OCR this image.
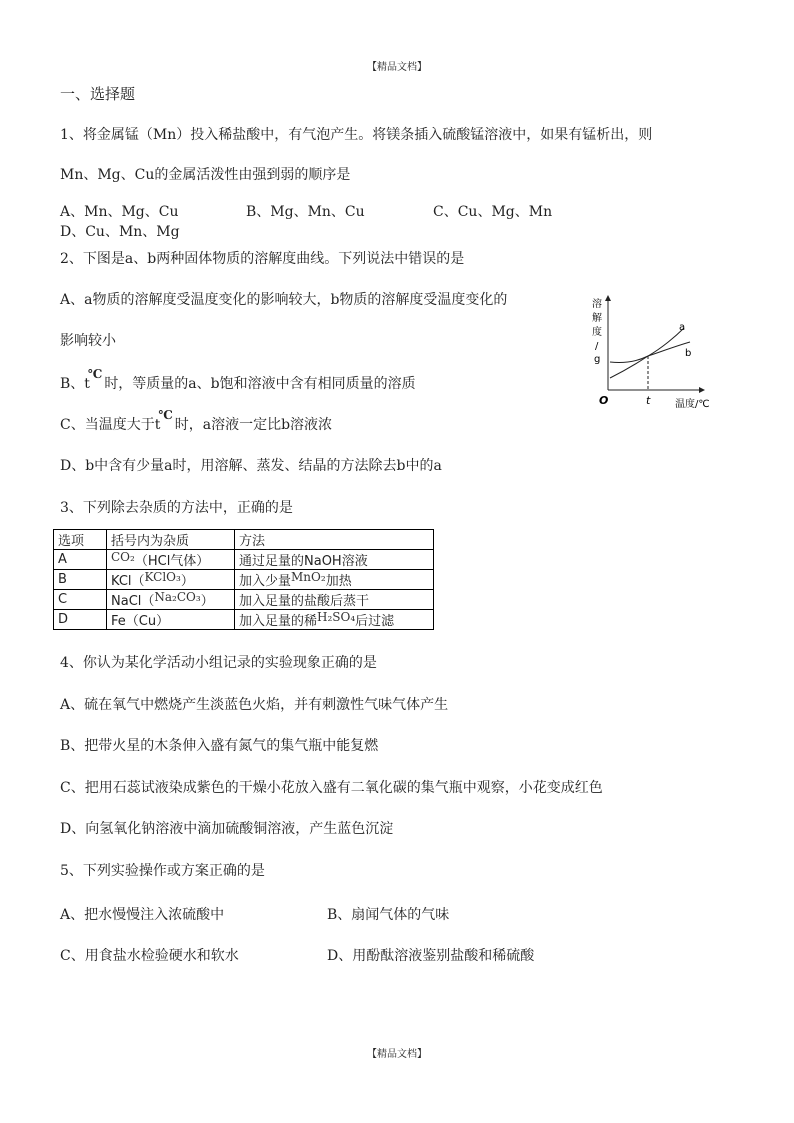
【精品文档】
一、选择题
1、将金属锰（Mn）投入稀盐酸中，有气泡产生。将镁条插入硫酸锰溶液中，如果有锰析出，则
Mn、Mg、Cu的金属活泼性由强到弱的顺序是
A、Mn、Mg、Cu	B、Mg、Mn、Cu	C、Cu、Mg、Mn
D、Cu、Mn、Mg
2、下图是a、b两种固体物质的溶解度曲线。下列说法中错误的是
A、a物质的溶解度受温度变化的影响较大，b物质的溶解度受温度变化的
影响较小
B、t℃时，等质量的a、b饱和溶液中含有相同质量的溶质
C、当温度大于t℃时，a溶液一定比b溶液浓
D、b中含有少量a时，用溶解、蒸发、结晶的方法除去b中的a
溶
解
度
/
g
O	t 温度/℃
a
b
3、下列除去杂质的方法中，正确的是
选项	括号内为杂质	方法
A	CO₂（HCl气体）	通过足量的NaOH溶液
B	KCl（KClO₃）	加入少量MnO₂加热
C	NaCl（Na₂CO₃）	加入足量的盐酸后蒸干
D	Fe（Cu）	加入足量的稀H₂SO₄后过滤
4、你认为某化学活动小组记录的实验现象正确的是
A、硫在氧气中燃烧产生淡蓝色火焰，并有刺激性气味气体产生
B、把带火星的木条伸入盛有氮气的集气瓶中能复燃
C、把用石蕊试液染成紫色的干燥小花放入盛有二氧化碳的集气瓶中观察，小花变成红色
D、向氢氧化钠溶液中滴加硫酸铜溶液，产生蓝色沉淀
5、下列实验操作或方案正确的是
A、把水慢慢注入浓硫酸中	B、扇闻气体的气味
C、用食盐水检验硬水和软水	D、用酚酞溶液鉴别盐酸和稀硫酸
【精品文档】
